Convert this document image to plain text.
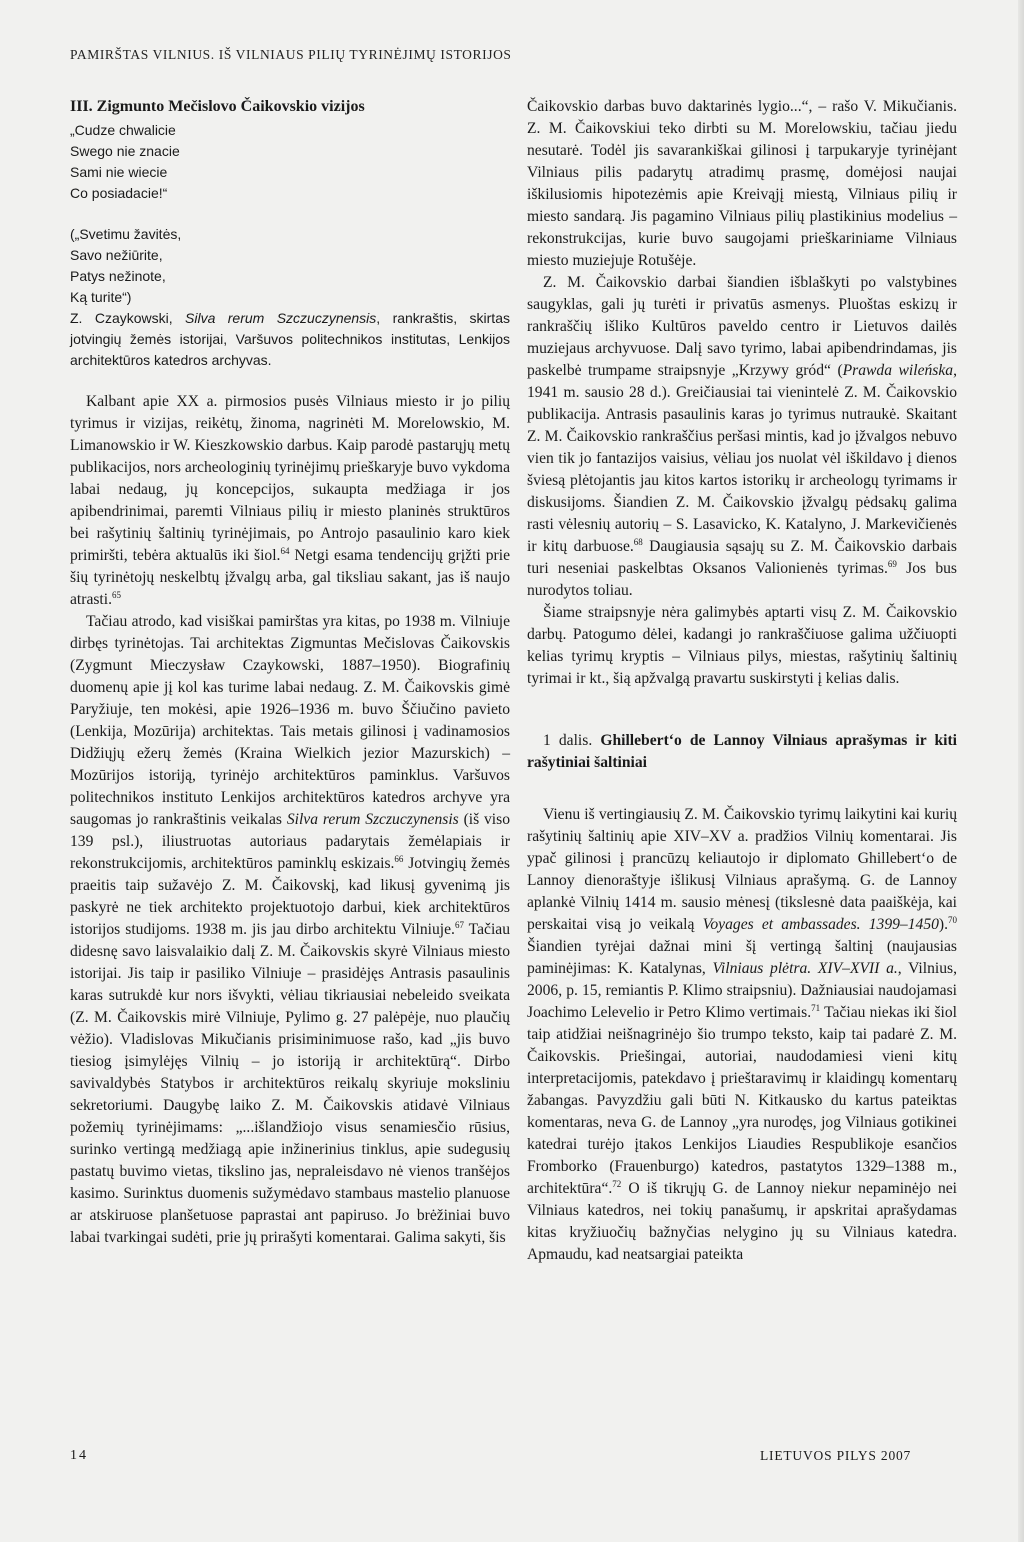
PAMIRŠTAS VILNIUS. IŠ VILNIAUS PILIŲ TYRINĖJIMŲ ISTORIJOS
III. Zigmunto Mečislovo Čaikovskio vizijos
„Cudze chwalicie
Swego nie znacie
Sami nie wiecie
Co posiadacie!“
(„Svetimu žavitės,
Savo nežiūrite,
Patys nežinote,
Ką turite“)
Z. Czaykowski, Silva rerum Szczuczynensis, rankraštis, skirtas jotvingių žemės istorijai, Varšuvos politechnikos institutas, Lenkijos architektūros katedros archyvas.

Kalbant apie XX a. pirmosios pusės Vilniaus miesto ir jo pilių tyrimus ir vizijas, reikėtų, žinoma, nagrinėti M. Morelowskio, M. Limanowskio ir W. Kieszkowskio darbus. Kaip parodė pastarųjų metų publikacijos, nors archeologinių tyrinėjimų prieškaryje buvo vykdoma labai nedaug, jų koncepcijos, sukaupta medžiaga ir jos apibendrinimai, paremti Vilniaus pilių ir miesto planinės struktūros bei rašytinių šaltinių tyrinėjimais, po Antrojo pasaulinio karo kiek primiršti, tebėra aktualūs iki šiol.$^{64}$ Netgi esama tendencijų grįžti prie šių tyrinėtojų neskelbtų įžvalgų arba, gal tiksliau sakant, jas iš naujo atrasti.$^{65}$

Tačiau atrodo, kad visiškai pamirštas yra kitas, po 1938 m. Vilniuje dirbęs tyrinėtojas. Tai architektas Zigmuntas Mečislovas Čaikovskis (Zygmunt Mieczysław Czaykowski, 1887–1950). Biografinių duomenų apie jį kol kas turime labai nedaug. Z. M. Čaikovskis gimė Paryžiuje, ten mokėsi, apie 1926–1936 m. buvo Ščiučino pavieto (Lenkija, Mozūrija) architektas. Tais metais gilinosi į vadinamosios Didžiųjų ežerų žemės (Kraina Wielkich jezior Mazurskich) – Mozūrijos istoriją, tyrinėjo architektūros paminklus. Varšuvos politechnikos instituto Lenkijos architektūros katedros archyve yra saugomas jo rankraštinis veikalas Silva rerum Szczuczynensis (iš viso 139 psl.), iliustruotas autoriaus padarytais žemėlapiais ir rekonstrukcijomis, architektūros paminklų eskizais.$^{66}$ Jotvingių žemės praeitis taip sužavėjo Z. M. Čaikovskį, kad likusį gyvenimą jis paskyrė ne tiek architekto projektuotojo darbui, kiek architektūros istorijos studijoms. 1938 m. jis jau dirbo architektu Vilniuje.$^{67}$ Tačiau didesnę savo laisvalaikio dalį Z. M. Čaikovskis skyrė Vilniaus miesto istorijai. Jis taip ir pasiliko Vilniuje – prasidėjęs Antrasis pasaulinis karas sutrukdė kur nors išvykti, vėliau tikriausiai nebeleido sveikata (Z. M. Čaikovskis mirė Vilniuje, Pylimo g. 27 palėpėje, nuo plaučių vėžio). Vladislovas Mikučianis prisiminimuose rašo, kad „jis buvo tiesiog įsimylėjęs Vilnių – jo istoriją ir architektūrą“. Dirbo savivaldybės Statybos ir architektūros reikalų skyriuje moksliniu sekretoriumi. Daugybę laiko Z. M. Čaikovskis atidavė Vilniaus požemių tyrinėjimams: „...išlandžiojo visus senamiesčio rūsius, surinko vertingą medžiagą apie inžinerinius tinklus, apie sudegusių pastatų buvimo vietas, tikslino jas, nepraleisdavo nė vienos tranšėjos kasimo. Surinktus duomenis sužymėdavo stambaus mastelio planuose ar atskiruose planšetuose paprastai ant papiruso. Jo brėžiniai buvo labai tvarkingai sudėti, prie jų prirašyti komentarai. Galima sakyti, šis

Čaikovskio darbas buvo daktarinės lygio...“, – rašo V. Mikučianis. Z. M. Čaikovskiui teko dirbti su M. Morelowskiu, tačiau jiedu nesutarė. Todėl jis savarankiškai gilinosi į tarpukaryje tyrinėjant Vilniaus pilis padarytų atradimų prasmę, domėjosi naujai iškilusiomis hipotezėmis apie Kreivąjį miestą, Vilniaus pilių ir miesto sandarą. Jis pagamino Vilniaus pilių plastikinius modelius – rekonstrukcijas, kurie buvo saugojami prieškariniame Vilniaus miesto muziejuje Rotušėje.

Z. M. Čaikovskio darbai šiandien išblaškyti po valstybines saugyklas, gali jų turėti ir privatūs asmenys. Pluoštas eskizų ir rankraščių išliko Kultūros paveldo centro ir Lietuvos dailės muziejaus archyvuose. Dalį savo tyrimo, labai apibendrindamas, jis paskelbė trumpame straipsnyje „Krzywy gród“ (Prawda wileńska, 1941 m. sausio 28 d.). Greičiausiai tai vienintelė Z. M. Čaikovskio publikacija. Antrasis pasaulinis karas jo tyrimus nutraukė. Skaitant Z. M. Čaikovskio rankraščius peršasi mintis, kad jo įžvalgos nebuvo vien tik jo fantazijos vaisius, vėliau jos nuolat vėl iškildavo į dienos šviesą plėtojantis jau kitos kartos istorikų ir archeologų tyrimams ir diskusijoms. Šiandien Z. M. Čaikovskio įžvalgų pėdsakų galima rasti vėlesnių autorių – S. Lasavicko, K. Katalyno, J. Markevičienės ir kitų darbuose.$^{68}$ Daugiausia sąsajų su Z. M. Čaikovskio darbais turi neseniai paskelbtas Oksanos Valionienės tyrimas.$^{69}$ Jos bus nurodytos toliau.

Šiame straipsnyje nėra galimybės aptarti visų Z. M. Čaikovskio darbų. Patogumo dėlei, kadangi jo rankraščiuose galima užčiuopti kelias tyrimų kryptis – Vilniaus pilys, miestas, rašytinių šaltinių tyrimai ir kt., šią apžvalgą pravartu suskirstyti į kelias dalis.

1 dalis. Ghillebert‘o de Lannoy Vilniaus aprašymas ir kiti rašytiniai šaltiniai

Vienu iš vertingiausių Z. M. Čaikovskio tyrimų laikytini kai kurių rašytinių šaltinių apie XIV–XV a. pradžios Vilnių komentarai. Jis ypač gilinosi į prancūzų keliautojo ir diplomato Ghillebert‘o de Lannoy dienoraštyje išlikusį Vilniaus aprašymą. G. de Lannoy aplankė Vilnių 1414 m. sausio mėnesį (tikslesnė data paaiškėja, kai perskaitai visą jo veikalą Voyages et ambassades. 1399–1450).$^{70}$ Šiandien tyrėjai dažnai mini šį vertingą šaltinį (naujausias paminėjimas: K. Katalynas, Vilniaus plėtra. XIV–XVII a., Vilnius, 2006, p. 15, remiantis P. Klimo straipsniu). Dažniausiai naudojamasi Joachimo Lelevelio ir Petro Klimo vertimais.$^{71}$ Tačiau niekas iki šiol taip atidžiai neišnagrinėjo šio trumpo teksto, kaip tai padarė Z. M. Čaikovskis. Priešingai, autoriai, naudodamiesi vieni kitų interpretacijomis, patekdavo į prieštaravimų ir klaidingų komentarų žabangas. Pavyzdžiu gali būti N. Kitkausko du kartus pateiktas komentaras, neva G. de Lannoy „yra nurodęs, jog Vilniaus gotikinei katedrai turėjo įtakos Lenkijos Liaudies Respublikoje esančios Fromborko (Frauenburgo) katedros, pastatytos 1329–1388 m., architektūra“.$^{72}$ O iš tikrųjų G. de Lannoy niekur nepaminėjo nei Vilniaus katedros, nei tokių panašumų, ir apskritai aprašydamas kitas kryžiuočių bažnyčias nelygino jų su Vilniaus katedra. Apmaudu, kad neatsargiai pateikta

14	LIETUVOS PILYS 2007
